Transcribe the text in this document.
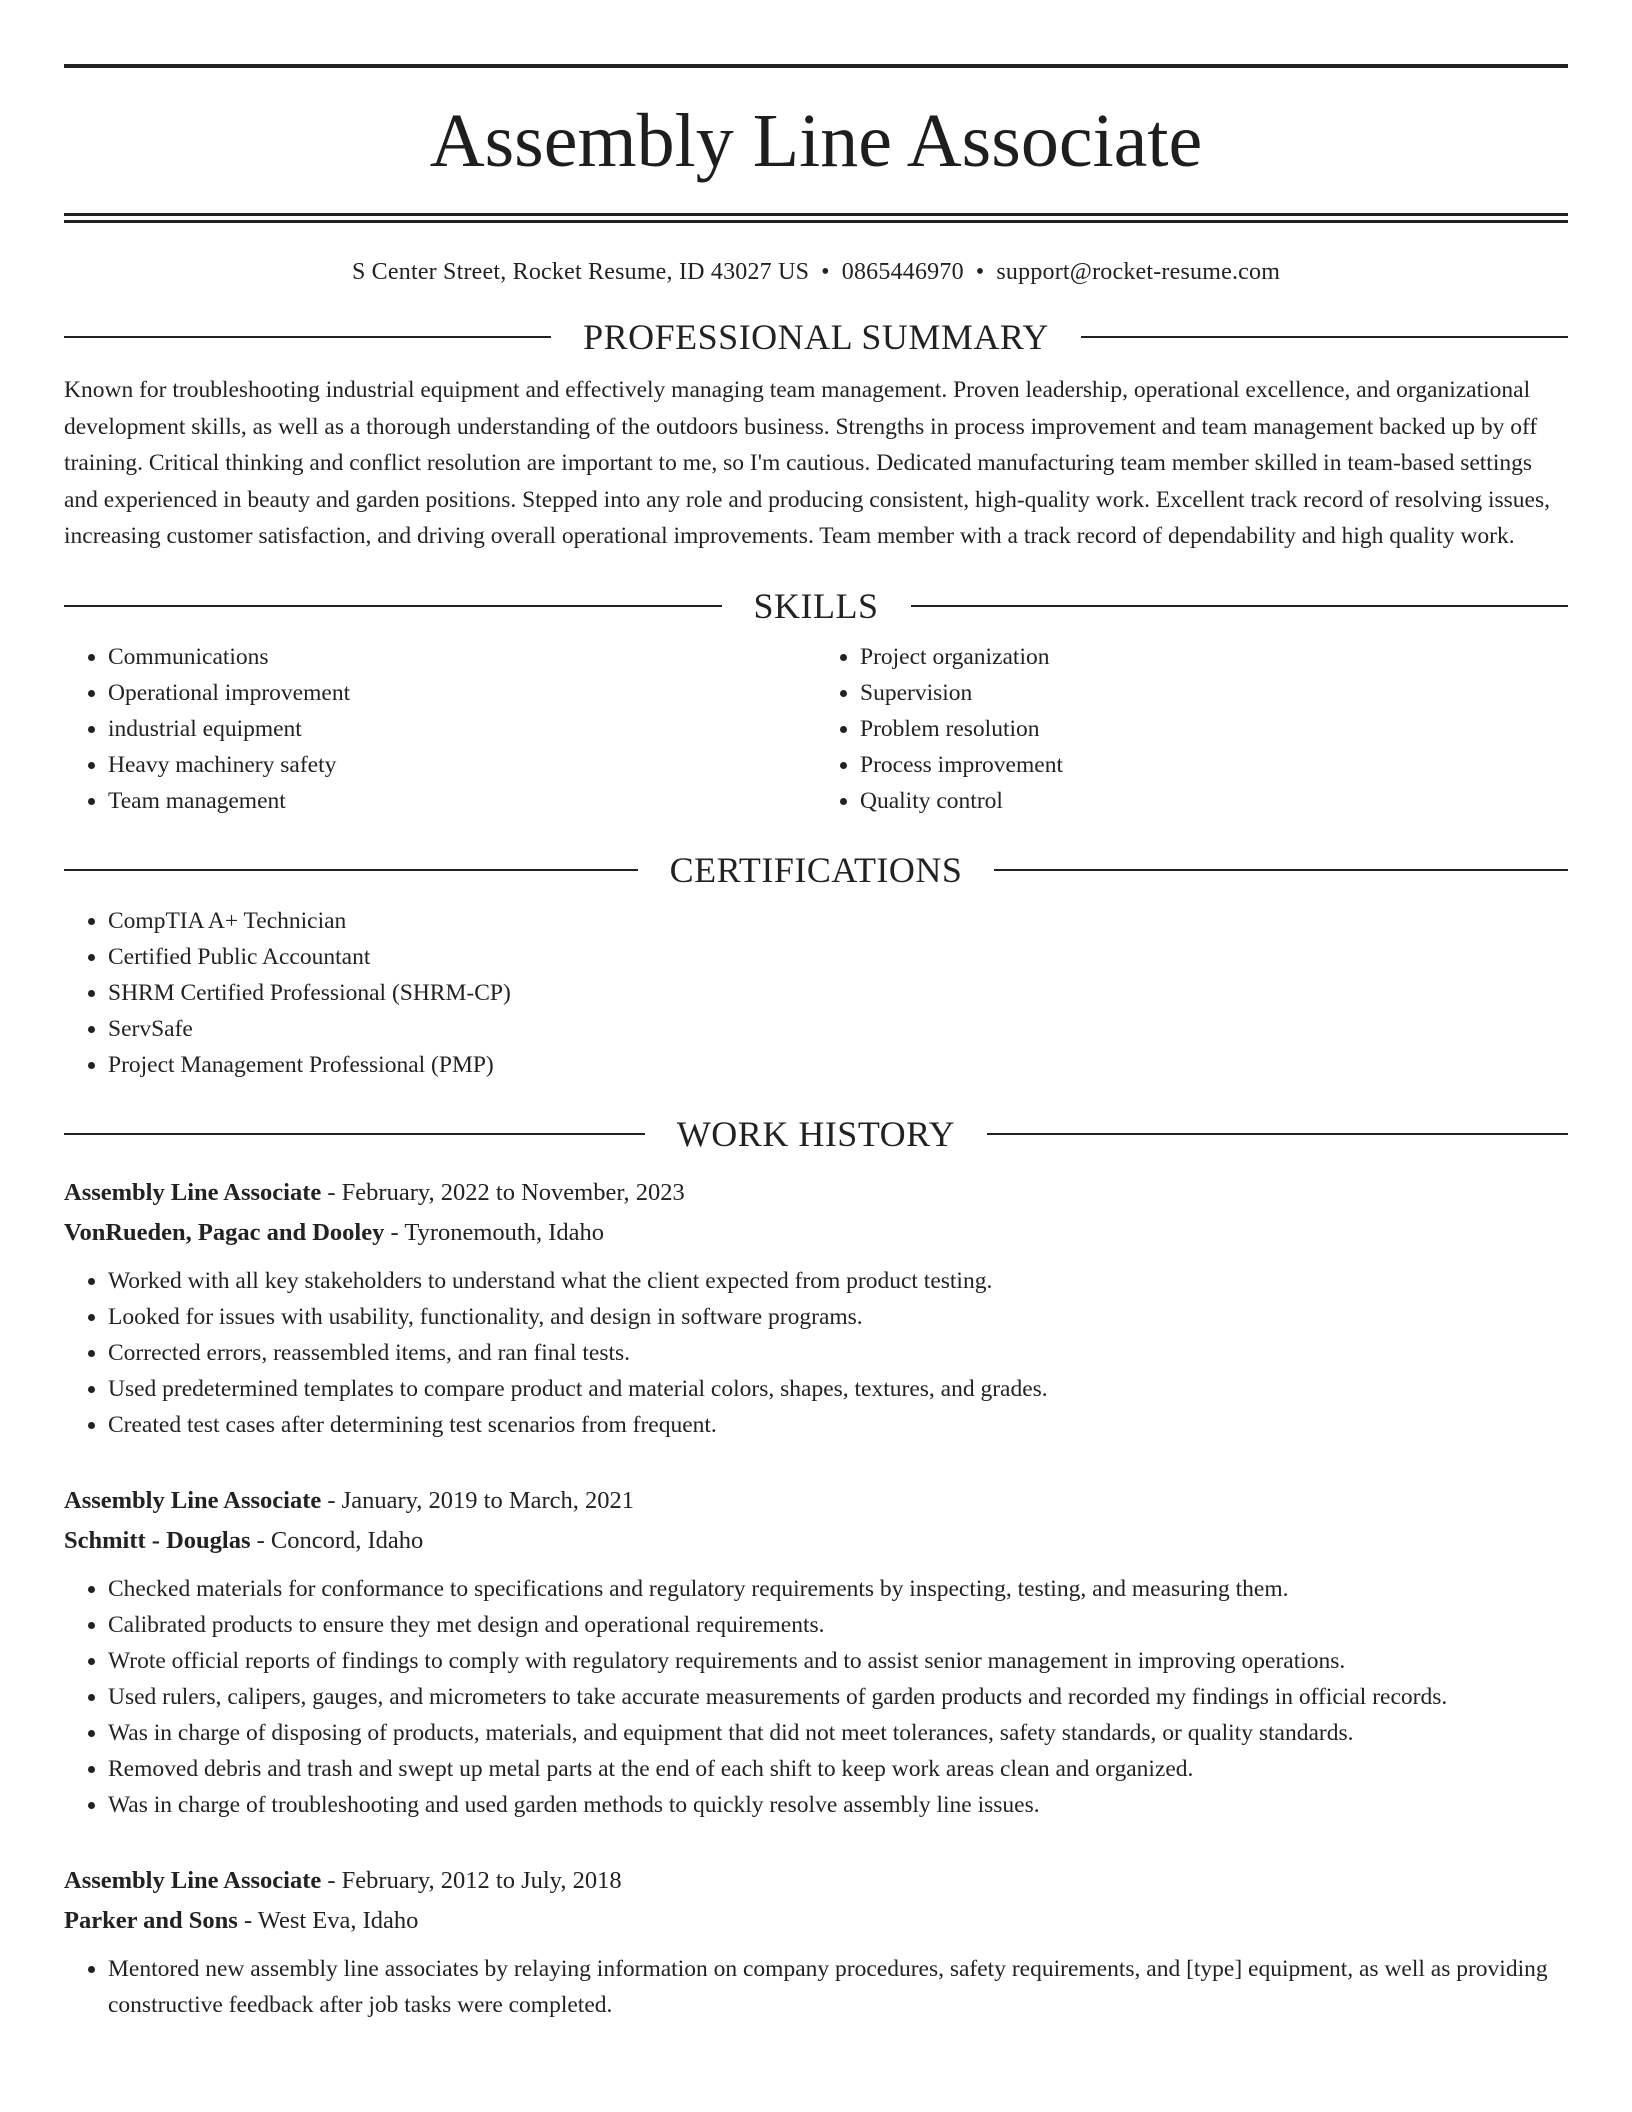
Assembly Line Associate
S Center Street, Rocket Resume, ID 43027 US • 0865446970 • support@rocket-resume.com
PROFESSIONAL SUMMARY
Known for troubleshooting industrial equipment and effectively managing team management. Proven leadership, operational excellence, and organizational development skills, as well as a thorough understanding of the outdoors business. Strengths in process improvement and team management backed up by off training. Critical thinking and conflict resolution are important to me, so I'm cautious. Dedicated manufacturing team member skilled in team-based settings and experienced in beauty and garden positions. Stepped into any role and producing consistent, high-quality work. Excellent track record of resolving issues, increasing customer satisfaction, and driving overall operational improvements. Team member with a track record of dependability and high quality work.
SKILLS
• Communications
• Operational improvement
• industrial equipment
• Heavy machinery safety
• Team management
• Project organization
• Supervision
• Problem resolution
• Process improvement
• Quality control
CERTIFICATIONS
• CompTIA A+ Technician
• Certified Public Accountant
• SHRM Certified Professional (SHRM-CP)
• ServSafe
• Project Management Professional (PMP)
WORK HISTORY
Assembly Line Associate - February, 2022 to November, 2023
VonRueden, Pagac and Dooley - Tyronemouth, Idaho
• Worked with all key stakeholders to understand what the client expected from product testing.
• Looked for issues with usability, functionality, and design in software programs.
• Corrected errors, reassembled items, and ran final tests.
• Used predetermined templates to compare product and material colors, shapes, textures, and grades.
• Created test cases after determining test scenarios from frequent.
Assembly Line Associate - January, 2019 to March, 2021
Schmitt - Douglas - Concord, Idaho
• Checked materials for conformance to specifications and regulatory requirements by inspecting, testing, and measuring them.
• Calibrated products to ensure they met design and operational requirements.
• Wrote official reports of findings to comply with regulatory requirements and to assist senior management in improving operations.
• Used rulers, calipers, gauges, and micrometers to take accurate measurements of garden products and recorded my findings in official records.
• Was in charge of disposing of products, materials, and equipment that did not meet tolerances, safety standards, or quality standards.
• Removed debris and trash and swept up metal parts at the end of each shift to keep work areas clean and organized.
• Was in charge of troubleshooting and used garden methods to quickly resolve assembly line issues.
Assembly Line Associate - February, 2012 to July, 2018
Parker and Sons - West Eva, Idaho
• Mentored new assembly line associates by relaying information on company procedures, safety requirements, and [type] equipment, as well as providing constructive feedback after job tasks were completed.
